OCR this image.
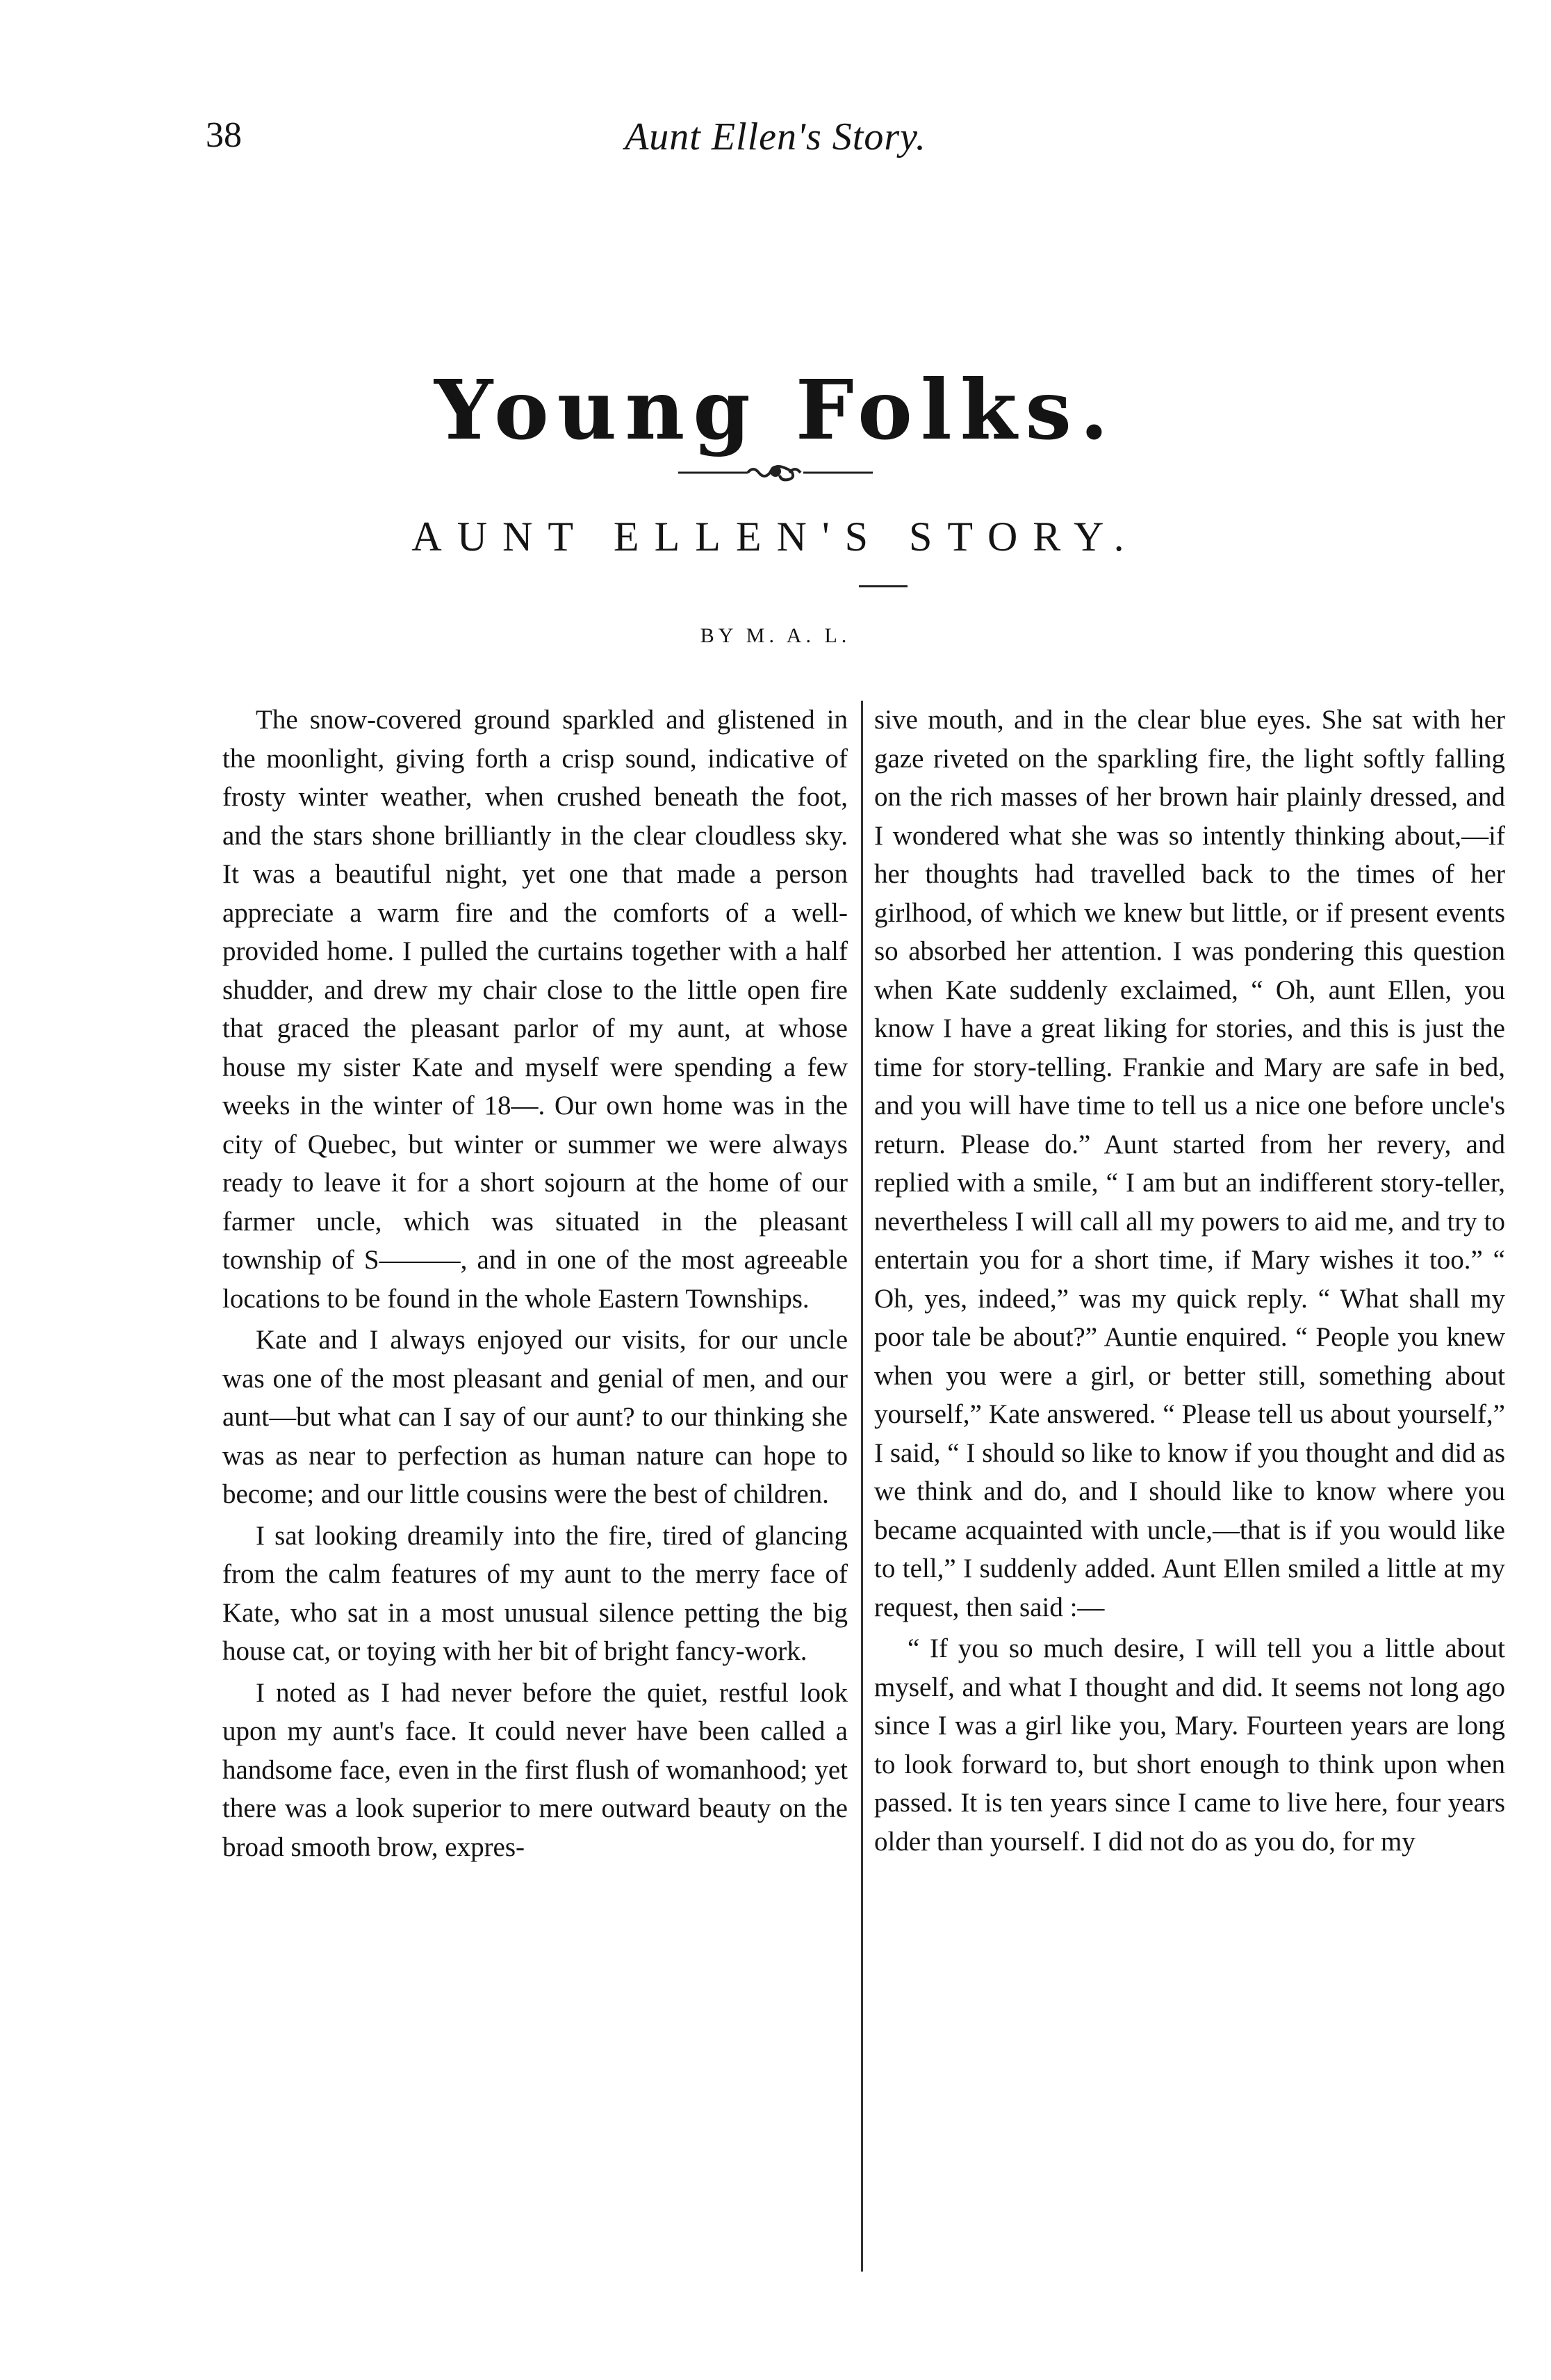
38	Aunt Ellen's Story.
Young Folks.
AUNT ELLEN'S STORY.
BY M. A. L.

The snow-covered ground sparkled and glistened in the moonlight, giving forth a crisp sound, indicative of frosty winter weather, when crushed beneath the foot, and the stars shone brilliantly in the clear cloudless sky. It was a beautiful night, yet one that made a person appreciate a warm fire and the comforts of a well-provided home. I pulled the curtains together with a half shudder, and drew my chair close to the little open fire that graced the pleasant parlor of my aunt, at whose house my sister Kate and myself were spending a few weeks in the winter of 18—. Our own home was in the city of Quebec, but winter or summer we were always ready to leave it for a short sojourn at the home of our farmer uncle, which was situated in the pleasant township of S———, and in one of the most agreeable locations to be found in the whole Eastern Townships.

Kate and I always enjoyed our visits, for our uncle was one of the most pleasant and genial of men, and our aunt—but what can I say of our aunt? to our thinking she was as near to perfection as human nature can hope to become; and our little cousins were the best of children.

I sat looking dreamily into the fire, tired of glancing from the calm features of my aunt to the merry face of Kate, who sat in a most unusual silence petting the big house cat, or toying with her bit of bright fancy-work.

I noted as I had never before the quiet, restful look upon my aunt's face. It could never have been called a handsome face, even in the first flush of womanhood; yet there was a look superior to mere outward beauty on the broad smooth brow, expres-

sive mouth, and in the clear blue eyes. She sat with her gaze riveted on the sparkling fire, the light softly falling on the rich masses of her brown hair plainly dressed, and I wondered what she was so intently thinking about,—if her thoughts had travelled back to the times of her girlhood, of which we knew but little, or if present events so absorbed her attention. I was pondering this question when Kate suddenly exclaimed, “ Oh, aunt Ellen, you know I have a great liking for stories, and this is just the time for story-telling. Frankie and Mary are safe in bed, and you will have time to tell us a nice one before uncle's return. Please do.” Aunt started from her revery, and replied with a smile, “ I am but an indifferent story-teller, nevertheless I will call all my powers to aid me, and try to entertain you for a short time, if Mary wishes it too.” “ Oh, yes, indeed,” was my quick reply. “ What shall my poor tale be about?” Auntie enquired. “ People you knew when you were a girl, or better still, something about yourself,” Kate answered. “ Please tell us about yourself,” I said, “ I should so like to know if you thought and did as we think and do, and I should like to know where you became acquainted with uncle,—that is if you would like to tell,” I suddenly added. Aunt Ellen smiled a little at my request, then said :—

“ If you so much desire, I will tell you a little about myself, and what I thought and did. It seems not long ago since I was a girl like you, Mary. Fourteen years are long to look forward to, but short enough to think upon when passed. It is ten years since I came to live here, four years older than yourself. I did not do as you do, for my
